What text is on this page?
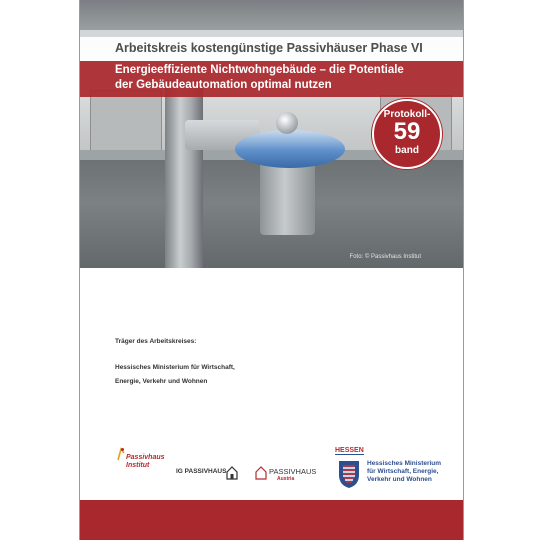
Foto: © Passivhaus Institut
Arbeitskreis kostengünstige Passivhäuser Phase VI
Energieeffiziente Nichtwohngebäude – die Potentiale
der Gebäudeautomation optimal nutzen
Protokoll-
59
band
Träger des Arbeitskreises:
Hessisches Ministerium für Wirtschaft,
Energie, Verkehr und Wohnen
Passivhaus
Institut
IG PASSIVHAUS	PASSIVHAUS
Austria
HESSEN
Hessisches Ministerium
für Wirtschaft, Energie,
Verkehr und Wohnen
